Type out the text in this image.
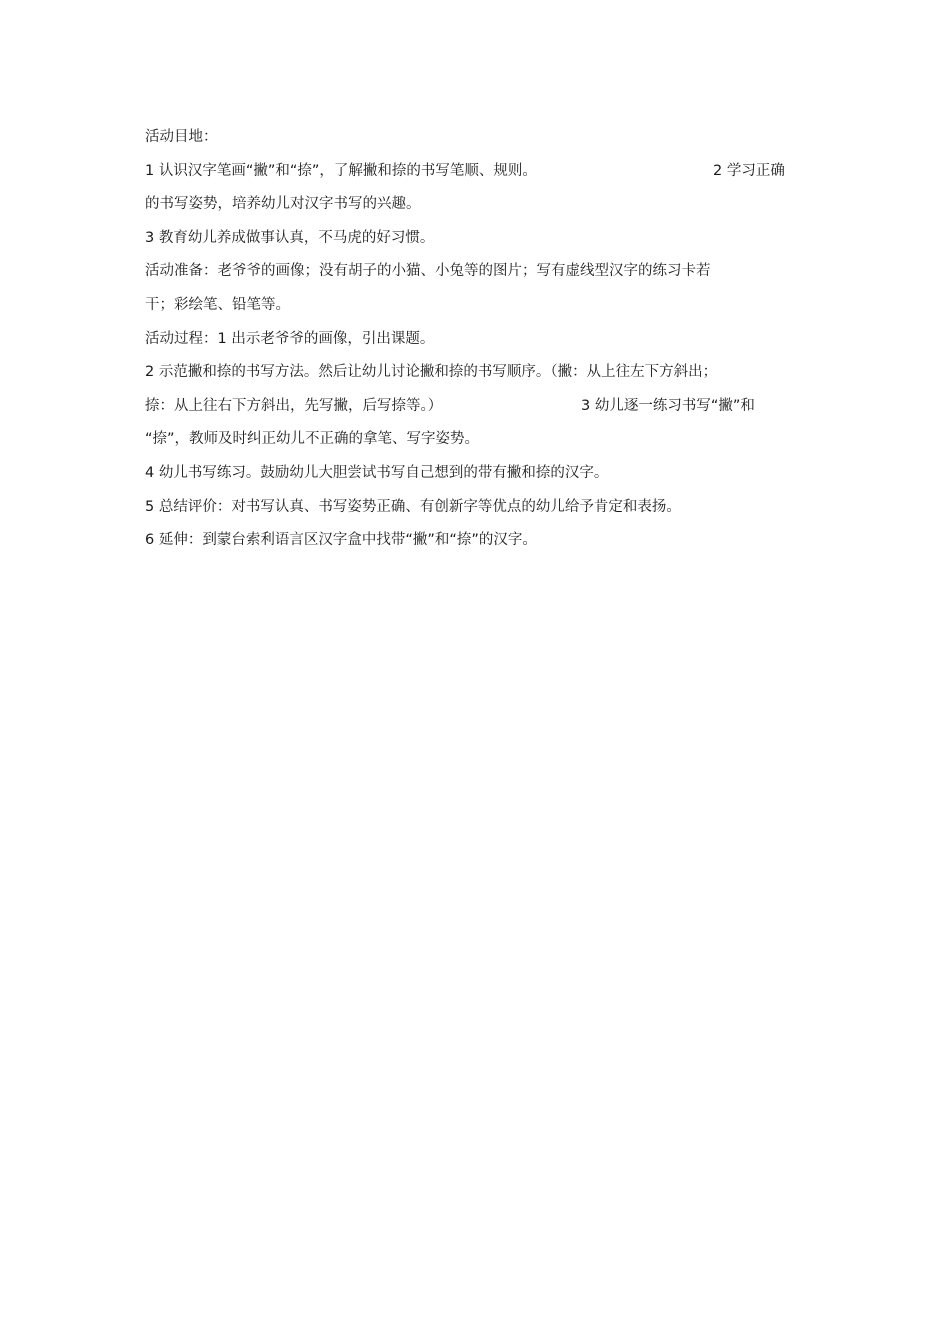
活动目地：
1 认识汉字笔画“撇”和“捺”，了解撇和捺的书写笔顺、规则。	2 学习正确
的书写姿势，培养幼儿对汉字书写的兴趣。
3 教育幼儿养成做事认真，不马虎的好习惯。
活动准备：老爷爷的画像；没有胡子的小猫、小兔等的图片；写有虚线型汉字的练习卡若
干；彩绘笔、铅笔等。
活动过程：1 出示老爷爷的画像，引出课题。
2 示范撇和捺的书写方法。然后让幼儿讨论撇和捺的书写顺序。（撇：从上往左下方斜出；
捺：从上往右下方斜出，先写撇，后写捺等。）	3 幼儿逐一练习书写“撇”和
“捺”，教师及时纠正幼儿不正确的拿笔、写字姿势。
4 幼儿书写练习。鼓励幼儿大胆尝试书写自己想到的带有撇和捺的汉字。
5 总结评价：对书写认真、书写姿势正确、有创新字等优点的幼儿给予肯定和表扬。
6 延伸：到蒙台索利语言区汉字盒中找带“撇”和“捺”的汉字。
